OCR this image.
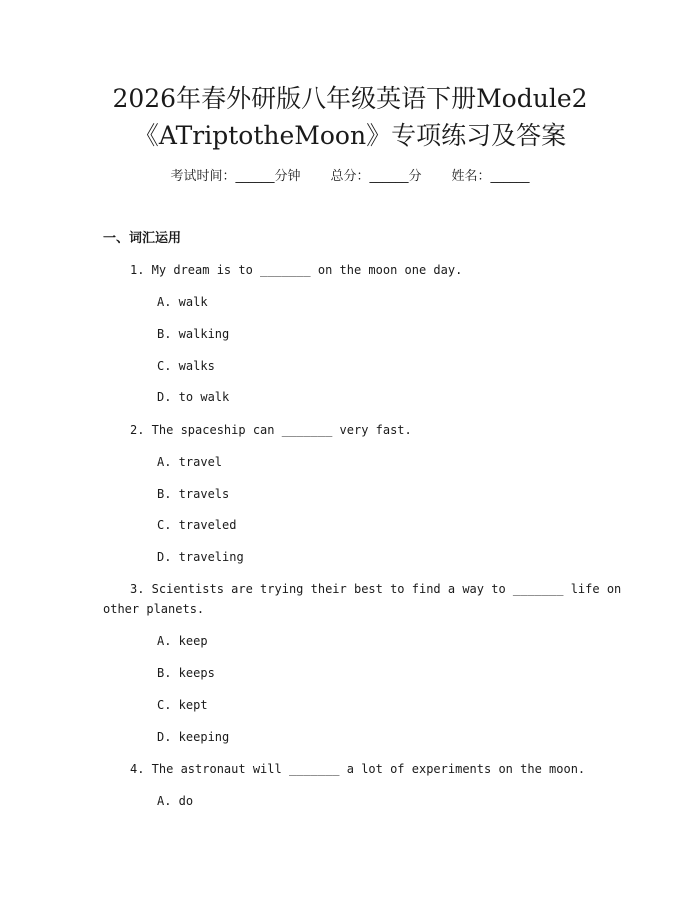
2026年春外研版八年级英语下册Module2
《ATriptotheMoon》专项练习及答案
考试时间：______分钟 总分：______分 姓名：______
一、词汇运用
1. My dream is to _______ on the moon one day.
A. walk
B. walking
C. walks
D. to walk
2. The spaceship can _______ very fast.
A. travel
B. travels
C. traveled
D. traveling
3. Scientists are trying their best to find a way to _______ life on
other planets.
A. keep
B. keeps
C. kept
D. keeping
4. The astronaut will _______ a lot of experiments on the moon.
A. do
